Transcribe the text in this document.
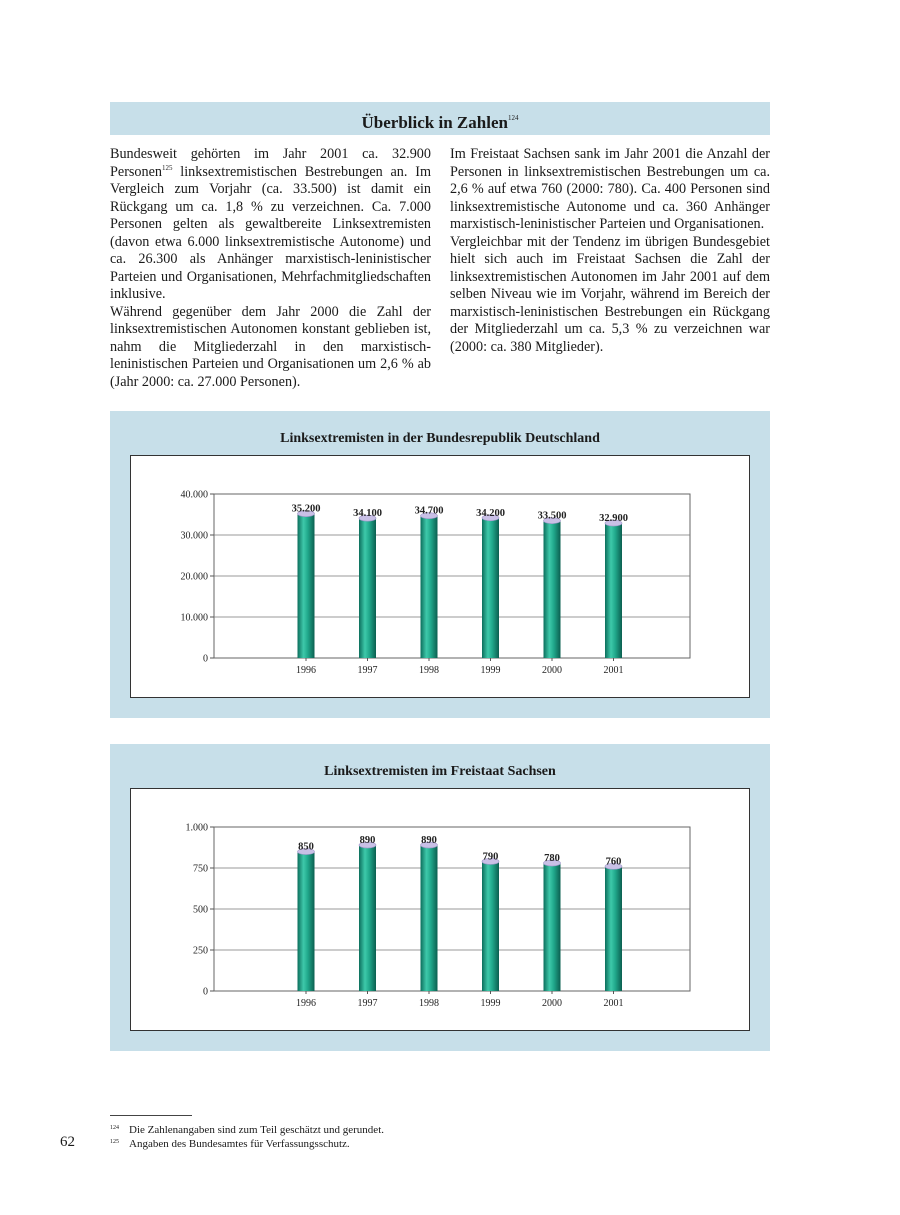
Überblick in Zahlen$^{124}$

Bundesweit gehörten im Jahr 2001 ca. 32.900 Personen$^{125}$ linksextremistischen Bestrebungen an. Im Vergleich zum Vorjahr (ca. 33.500) ist damit ein Rückgang um ca. 1,8 % zu verzeichnen. Ca. 7.000 Personen gelten als gewaltbereite Linksextremisten (davon etwa 6.000 linksextremistische Autonome) und ca. 26.300 als Anhänger marxistisch-leninistischer Parteien und Organisationen, Mehrfachmitgliedschaften inklusive.

Während gegenüber dem Jahr 2000 die Zahl der linksextremistischen Autonomen konstant geblieben ist, nahm die Mitgliederzahl in den marxistisch-leninistischen Parteien und Organisationen um 2,6 % ab (Jahr 2000: ca. 27.000 Personen).

Im Freistaat Sachsen sank im Jahr 2001 die Anzahl der Personen in linksextremistischen Bestrebungen um ca. 2,6 % auf etwa 760 (2000: 780). Ca. 400 Personen sind linksextremistische Autonome und ca. 360 Anhänger marxistisch-leninistischer Parteien und Organisationen.

Vergleichbar mit der Tendenz im übrigen Bundesgebiet hielt sich auch im Freistaat Sachsen die Zahl der linksextremistischen Autonomen im Jahr 2001 auf dem selben Niveau wie im Vorjahr, während im Bereich der marxistisch-leninistischen Bestrebungen ein Rückgang der Mitgliederzahl um ca. 5,3 % zu verzeichnen war (2000: ca. 380 Mitglieder).

Linksextremisten in der Bundesrepublik Deutschland
0
10.000
20.000
30.000
40.000
35.200
1996
34.100
1997
34.700
1998
34.200
1999
33.500
2000
32.900
2001
Linksextremisten im Freistaat Sachsen
0
250
500
750
1.000
850
1996
890
1997
890
1998
790
1999
780
2000
760
2001
$^{124}$ Die Zahlenangaben sind zum Teil geschätzt und gerundet.
$^{125}$ Angaben des Bundesamtes für Verfassungsschutz.
62
